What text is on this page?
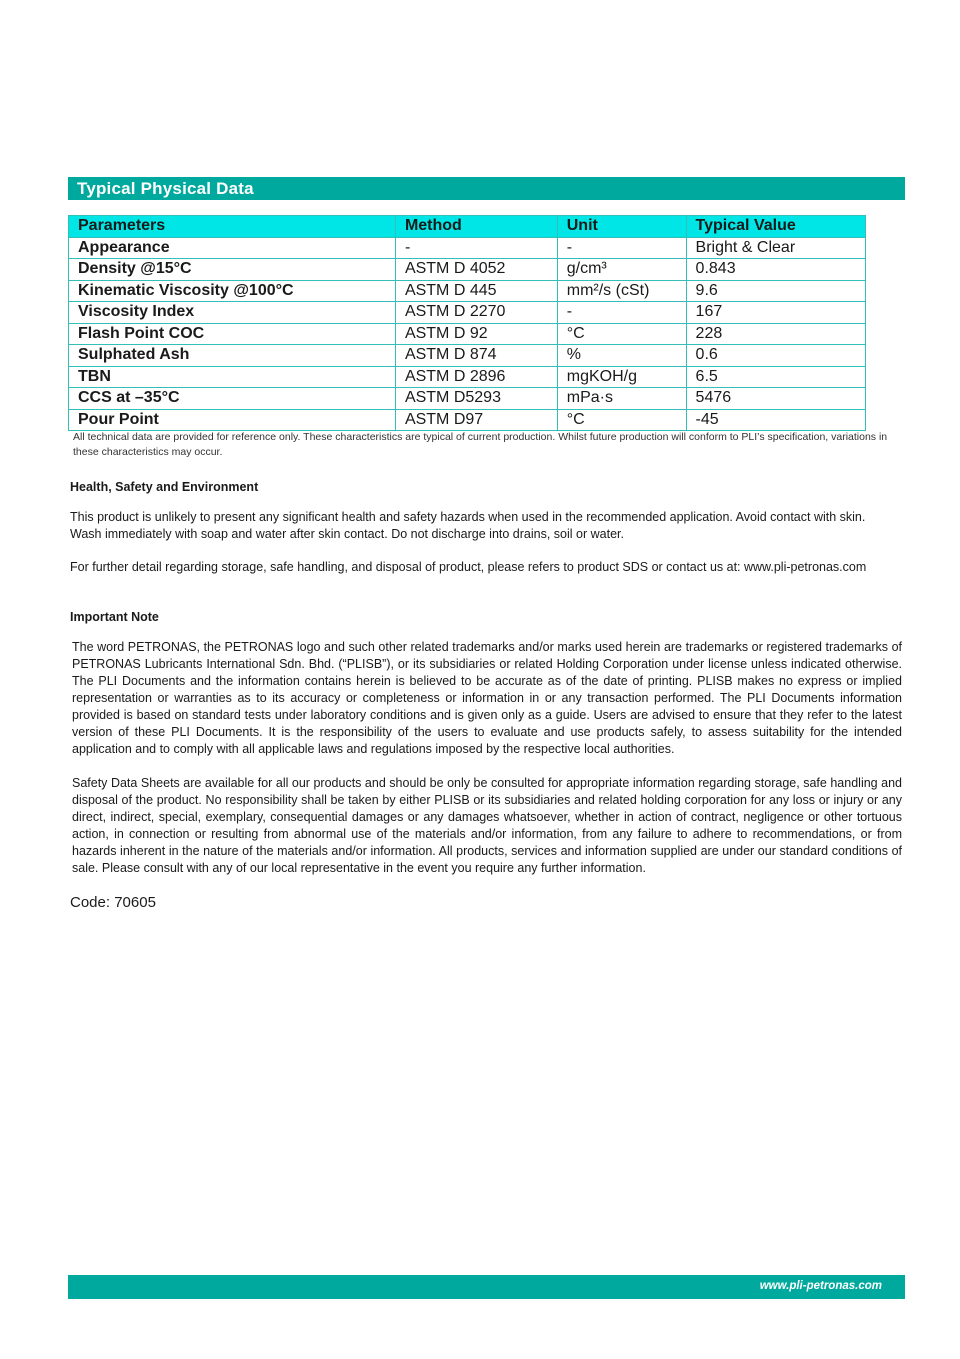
Typical Physical Data
Parameters	Method	Unit	Typical Value
Appearance	-	-	Bright & Clear
Density @15°C	ASTM D 4052	g/cm³	0.843
Kinematic Viscosity @100°C	ASTM D 445	mm²/s (cSt)	9.6
Viscosity Index	ASTM D 2270	-	167
Flash Point COC	ASTM D 92	°C	228
Sulphated Ash	ASTM D 874	%	0.6
TBN	ASTM D 2896	mgKOH/g	6.5
CCS at –35°C	ASTM D5293	mPa·s	5476
Pour Point	ASTM D97	°C	-45
All technical data are provided for reference only. These characteristics are typical of current production. Whilst future production will conform to PLI’s specification, variations in these characteristics may occur.
Health, Safety and Environment
This product is unlikely to present any significant health and safety hazards when used in the recommended application. Avoid contact with skin. Wash immediately with soap and water after skin contact. Do not discharge into drains, soil or water.
For further detail regarding storage, safe handling, and disposal of product, please refers to product SDS or contact us at: www.pli-petronas.com
Important Note
The word PETRONAS, the PETRONAS logo and such other related trademarks and/or marks used herein are trademarks or registered trademarks of PETRONAS Lubricants International Sdn. Bhd. (“PLISB”), or its subsidiaries or related Holding Corporation under license unless indicated otherwise. The PLI Documents and the information contains herein is believed to be accurate as of the date of printing. PLISB makes no express or implied representation or warranties as to its accuracy or completeness or information in or any transaction performed. The PLI Documents information provided is based on standard tests under laboratory conditions and is given only as a guide. Users are advised to ensure that they refer to the latest version of these PLI Documents. It is the responsibility of the users to evaluate and use products safely, to assess suitability for the intended application and to comply with all applicable laws and regulations imposed by the respective local authorities.
Safety Data Sheets are available for all our products and should be only be consulted for appropriate information regarding storage, safe handling and disposal of the product. No responsibility shall be taken by either PLISB or its subsidiaries and related holding corporation for any loss or injury or any direct, indirect, special, exemplary, consequential damages or any damages whatsoever, whether in action of contract, negligence or other tortuous action, in connection or resulting from abnormal use of the materials and/or information, from any failure to adhere to recommendations, or from hazards inherent in the nature of the materials and/or information. All products, services and information supplied are under our standard conditions of sale. Please consult with any of our local representative in the event you require any further information.
Code: 70605
www.pli-petronas.com
